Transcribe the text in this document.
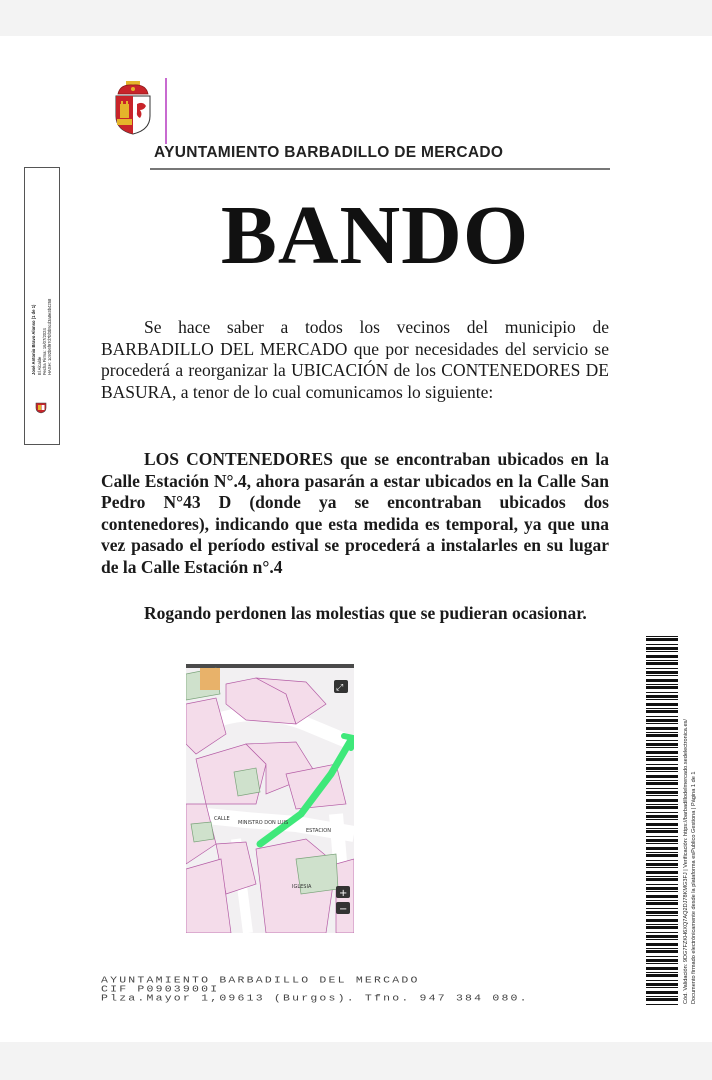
AYUNTAMIENTO BARBADILLO DE MERCADO
BANDO
Se hace saber a todos los vecinos del municipio de BARBADILLO DEL MERCADO que por necesidades del servicio se procederá a reorganizar la UBICACIÓN de los CONTENEDORES DE BASURA, a tenor de lo cual comunicamos lo siguiente:
LOS CONTENEDORES que se encontraban ubicados en la Calle Estación N°.4, ahora pasarán a estar ubicados en la Calle San Pedro N°43 D (donde ya se encontraban ubicados dos contenedores), indicando que esta medida es temporal, ya que una vez pasado el período estival se procederá a instalarles en su lugar de la Calle Estación n°.4
Rogando perdonen las molestias que se pudieran ocasionar.
José Antonio Bravo Alonso (1 de 1) El Alcalde Fecha Firma: 16/07/2024 HASH: 1c92b6f97d7bf3b5cd3a8e3b4258
CALLE
MINISTRO DON LUIS
ESTACION
IGLESIA
⤢
+
−
AYUNTAMIENTO BARBADILLO DEL MERCADO
CIF P0903900I
Plza.Mayor 1,09613 (Burgos). Tfno. 947 384 080.	Cód. Validación: 9DG7FZKH6XQ7AQ2DJ78KMG3FJ | Verificación: https://barbadillodelmercado.sedelectronica.es/ Documento firmado electrónicamente desde la plataforma esPublico Gestiona | Página 1 de 1
